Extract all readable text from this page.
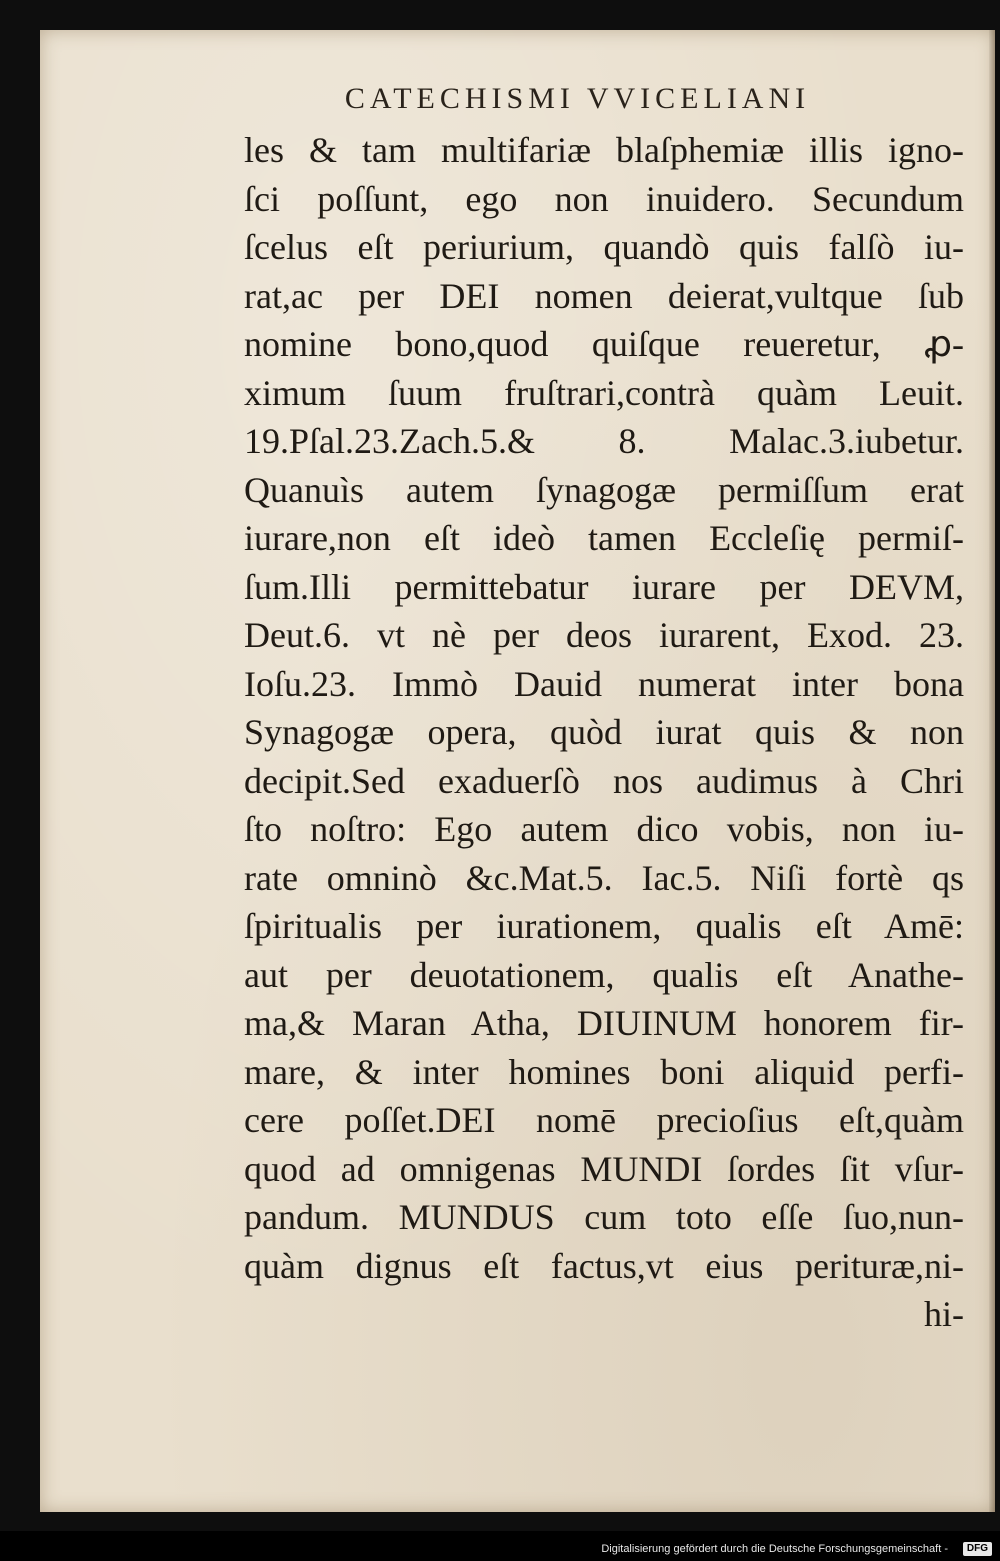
CATECHISMI VVICELIANI
les & tam multifariæ blaſphemiæ illis igno-
ſci poſſunt, ego non inuidero. Secundum
ſcelus eſt periurium, quandò quis falſò iu-
rat,ac per DEI nomen deierat,vultque ſub
nomine bono,quod quiſque reueretur, ꝓ-
ximum ſuum fruſtrari,contrà quàm Leuit.
19.Pſal.23.Zach.5.& 8. Malac.3.iubetur.
Quanuìs autem ſynagogæ permiſſum erat
iurare,non eſt ideò tamen Eccleſię permiſ-
ſum.Illi permittebatur iurare per DEVM,
Deut.6. vt nè per deos iurarent, Exod. 23.
Ioſu.23. Immò Dauid numerat inter bona
Synagogæ opera, quòd iurat quis & non
decipit.Sed exaduerſò nos audimus à Chri
ſto noſtro: Ego autem dico vobis, non iu-
rate omninò &c.Mat.5. Iac.5. Niſi fortè qs
ſpiritualis per iurationem, qualis eſt Amē:
aut per deuotationem, qualis eſt Anathe-
ma,& Maran Atha, DIUINUM honorem fir-
mare, & inter homines boni aliquid perfi-
cere poſſet.DEI nomē precioſius eſt,quàm
quod ad omnigenas MUNDI ſordes ſit vſur-
pandum. MUNDUS cum toto eſſe ſuo,nun-
quàm dignus eſt factus,vt eius perituræ,ni-
hi-
Digitalisierung gefördert durch die Deutsche Forschungsgemeinschaft -	DFG
